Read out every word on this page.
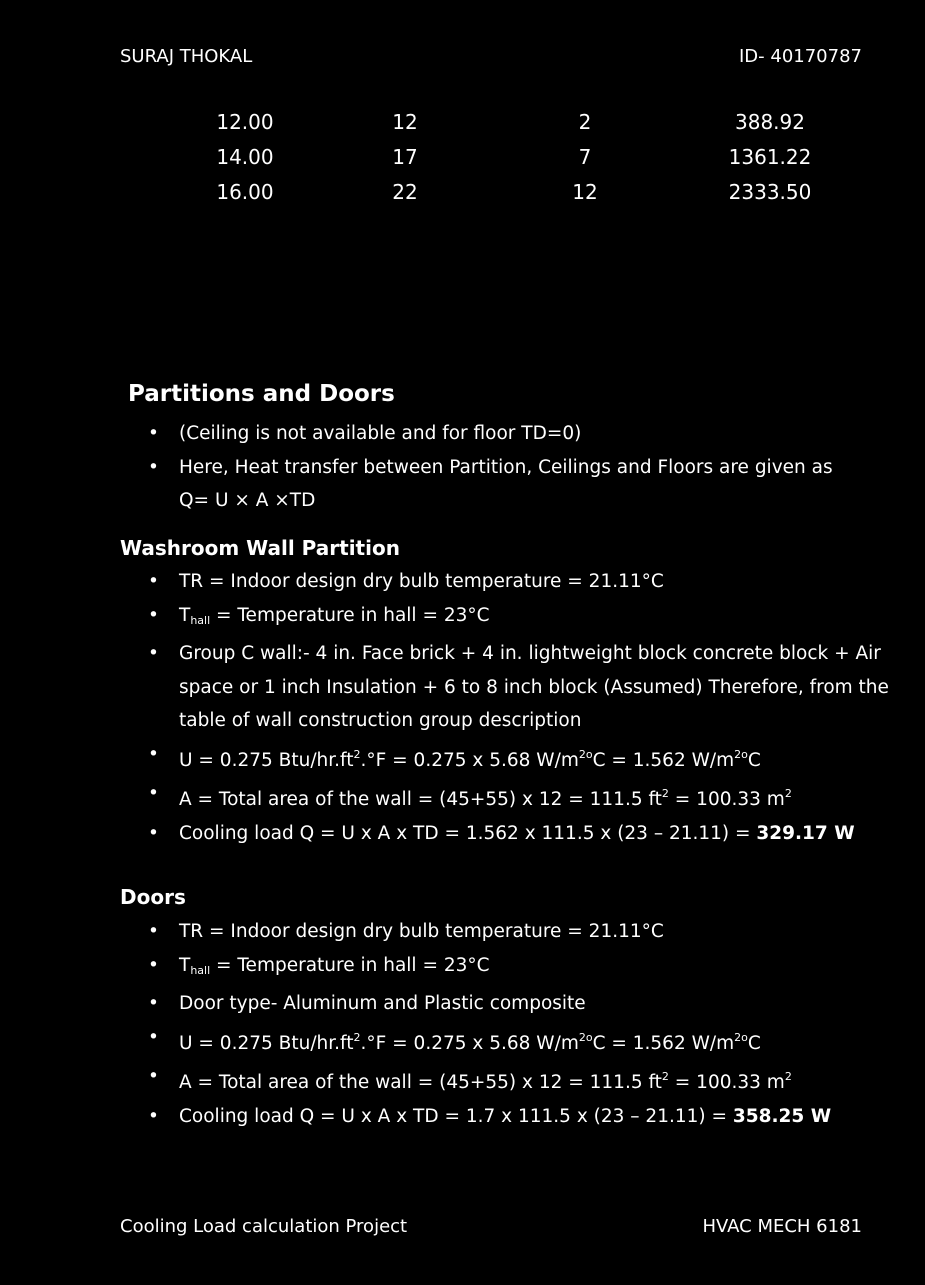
SURAJ THOKAL	ID- 40170787
12.00	12	2	388.92
14.00	17	7	1361.22
16.00	22	12	2333.50
Partitions and Doors
• (Ceiling is not available and for floor TD=0)
• Here, Heat transfer between Partition, Ceilings and Floors are given as
Q= U × A ×TD
Washroom Wall Partition
• TR = Indoor design dry bulb temperature = 21.11°C
• $T_{hall}$ = Temperature in hall = 23°C
• Group C wall:- 4 in. Face brick + 4 in. lightweight block concrete block + Air space or 1 inch Insulation + 6 to 8 inch block (Assumed) Therefore, from the table of wall construction group description
• U = 0.275 Btu/$hr.ft^2.^\circ F = 0.275$ x 5.68 $W/m^{2o}C = 1.562$ $W/m^{2o}C$
• A = Total area of the wall = (45+55) x 12 = 111.5 $ft^2 = 100.33$ $m^2$
• Cooling load Q = U x A x TD = 1.562 x 111.5 x (23 – 21.11) = 329.17 W
Doors
• TR = Indoor design dry bulb temperature = 21.11°C
• $T_{hall}$ = Temperature in hall = 23°C
• Door type- Aluminum and Plastic composite
• U = 0.275 Btu/$hr.ft^2.^\circ F = 0.275$ x 5.68 $W/m^{2o}C = 1.562$ $W/m^{2o}C$
• A = Total area of the wall = (45+55) x 12 = 111.5 $ft^2 = 100.33$ $m^2$
• Cooling load Q = U x A x TD = 1.7 x 111.5 x (23 – 21.11) = 358.25 W
Cooling Load calculation Project	HVAC MECH 6181
